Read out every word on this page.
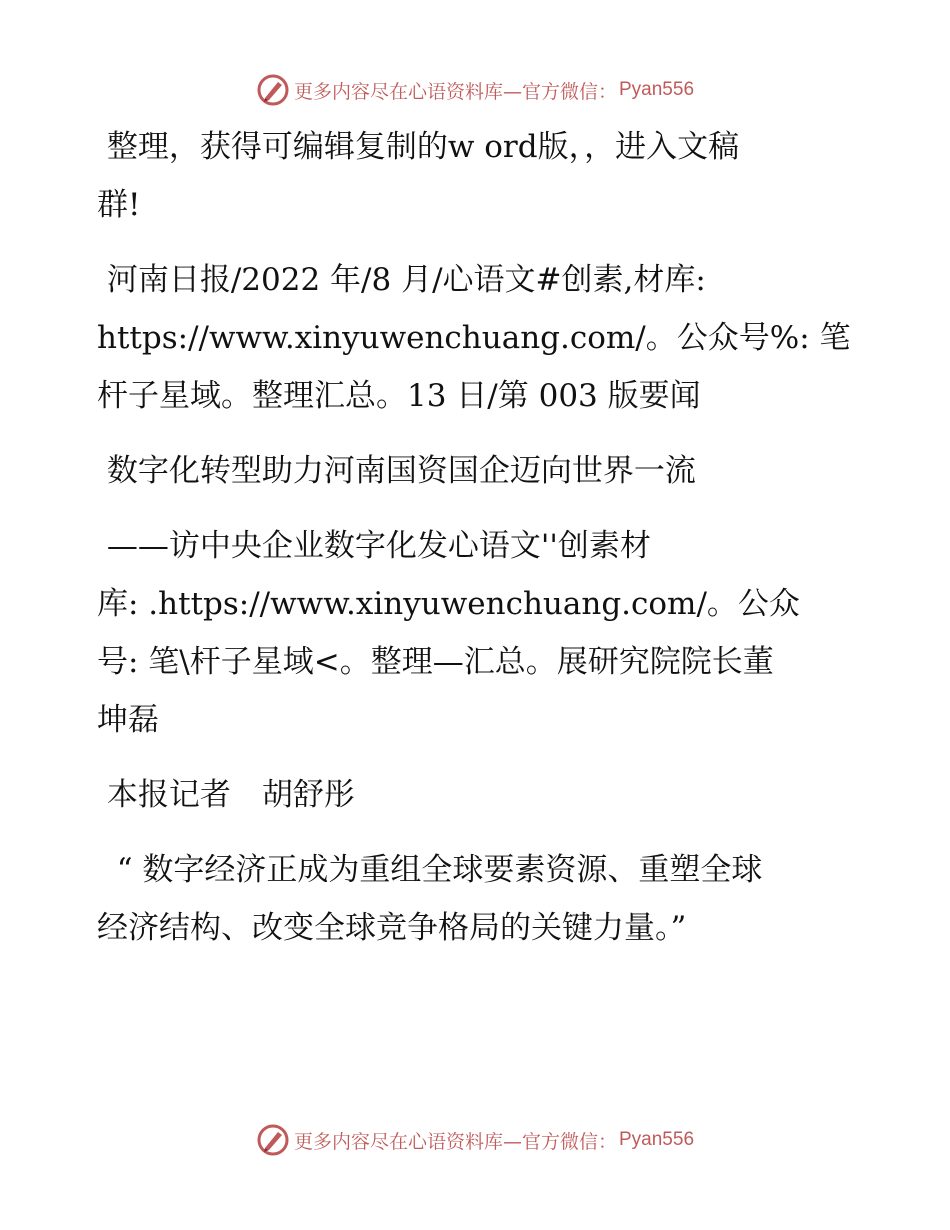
更多内容尽在心语资料库—官方微信： Pyan556

整理，获得可编辑复制的w ord版，，进入文稿
群!

河南日报/2022 年/8 月/心语文#创素,材库:
https://www.xinyuwenchuang.com/。公众号%: 笔
杆子星域。整理汇总。13 日/第 003 版要闻

数字化转型助力河南国资国企迈向世界一流

——访中央企业数字化发心语文''创素材
库: .https://www.xinyuwenchuang.com/。公众
号: 笔\杆子星域<。整理—汇总。展研究院院长董
坤磊

本报记者　胡舒彤

“ 数字经济正成为重组全球要素资源、重塑全球
经济结构、改变全球竞争格局的关键力量。”

更多内容尽在心语资料库—官方微信： Pyan556
